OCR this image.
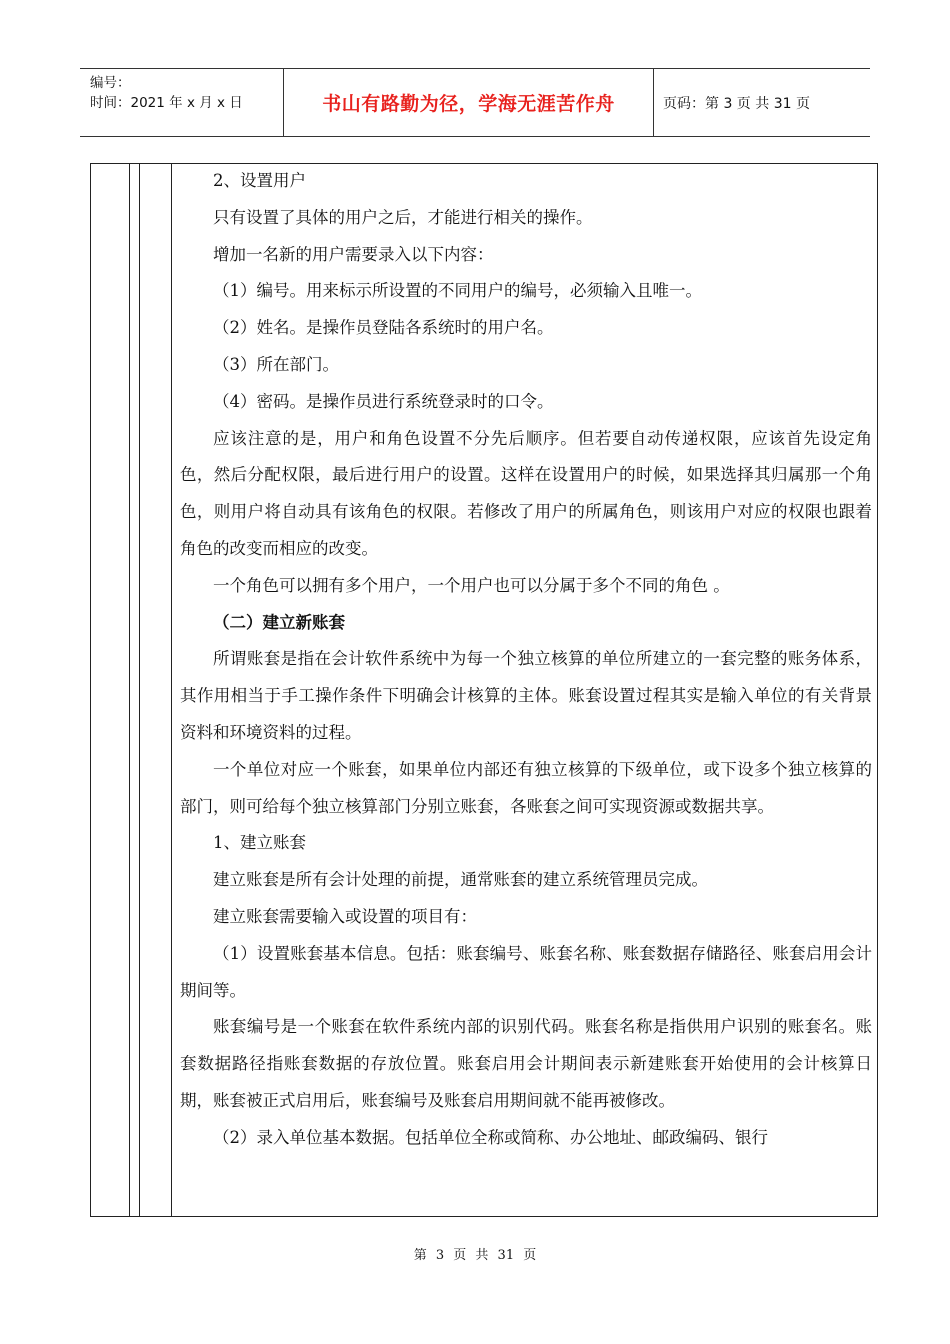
编号：
时间：2021 年 x 月 x 日	书山有路勤为径，学海无涯苦作舟	页码：第 3 页 共 31 页

2、设置用户

只有设置了具体的用户之后，才能进行相关的操作。

增加一名新的用户需要录入以下内容：

（1）编号。用来标示所设置的不同用户的编号，必须输入且唯一。

（2）姓名。是操作员登陆各系统时的用户名。

（3）所在部门。

（4）密码。是操作员进行系统登录时的口令。

应该注意的是，用户和角色设置不分先后顺序。但若要自动传递权限，应该首先设定角色，然后分配权限，最后进行用户的设置。这样在设置用户的时候，如果选择其归属那一个角色，则用户将自动具有该角色的权限。若修改了用户的所属角色，则该用户对应的权限也跟着角色的改变而相应的改变。

一个角色可以拥有多个用户，一个用户也可以分属于多个不同的角色 。

（二）建立新账套

所谓账套是指在会计软件系统中为每一个独立核算的单位所建立的一套完整的账务体系，其作用相当于手工操作条件下明确会计核算的主体。账套设置过程其实是输入单位的有关背景资料和环境资料的过程。

一个单位对应一个账套，如果单位内部还有独立核算的下级单位，或下设多个独立核算的部门，则可给每个独立核算部门分别立账套，各账套之间可实现资源或数据共享。

1、建立账套

建立账套是所有会计处理的前提，通常账套的建立系统管理员完成。

建立账套需要输入或设置的项目有：

（1）设置账套基本信息。包括：账套编号、账套名称、账套数据存储路径、账套启用会计期间等。

账套编号是一个账套在软件系统内部的识别代码。账套名称是指供用户识别的账套名。账套数据路径指账套数据的存放位置。账套启用会计期间表示新建账套开始使用的会计核算日期，账套被正式启用后，账套编号及账套启用期间就不能再被修改。

（2）录入单位基本数据。包括单位全称或简称、办公地址、邮政编码、银行

第 3 页 共 31 页
